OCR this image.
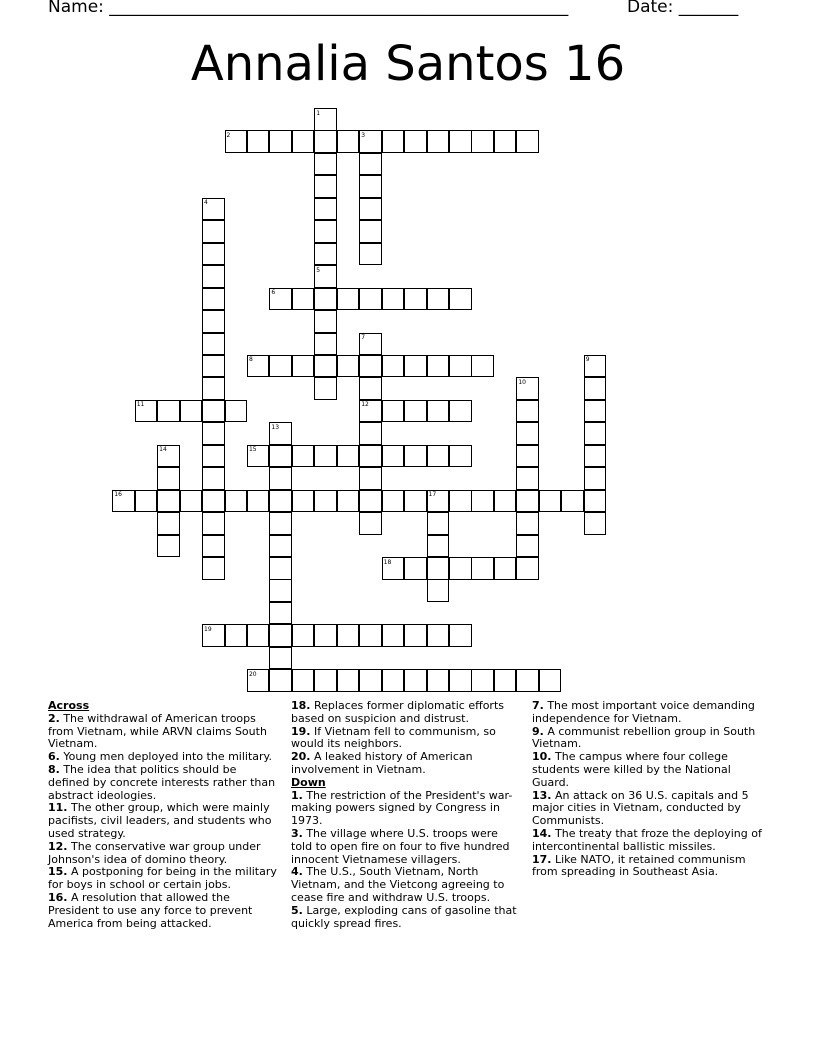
Name: ______________________________________________________	Date: _______
Annalia Santos 16
1
2	3
4
5
6
7
8	9
10
11	12
13
14	15
16	17
18
19
20
Across
2. The withdrawal of American troops from Vietnam, while ARVN claims South Vietnam.
6. Young men deployed into the military.
8. The idea that politics should be defined by concrete interests rather than abstract ideologies.
11. The other group, which were mainly pacifists, civil leaders, and students who used strategy.
12. The conservative war group under Johnson's idea of domino theory.
15. A postponing for being in the military for boys in school or certain jobs.
16. A resolution that allowed the President to use any force to prevent America from being attacked.
18. Replaces former diplomatic efforts based on suspicion and distrust.
19. If Vietnam fell to communism, so would its neighbors.
20. A leaked history of American involvement in Vietnam.
Down
1. The restriction of the President's war-making powers signed by Congress in 1973.
3. The village where U.S. troops were told to open fire on four to five hundred innocent Vietnamese villagers.
4. The U.S., South Vietnam, North Vietnam, and the Vietcong agreeing to cease fire and withdraw U.S. troops.
5. Large, exploding cans of gasoline that quickly spread fires.
7. The most important voice demanding independence for Vietnam.
9. A communist rebellion group in South Vietnam.
10. The campus where four college students were killed by the National Guard.
13. An attack on 36 U.S. capitals and 5 major cities in Vietnam, conducted by Communists.
14. The treaty that froze the deploying of intercontinental ballistic missiles.
17. Like NATO, it retained communism from spreading in Southeast Asia.
